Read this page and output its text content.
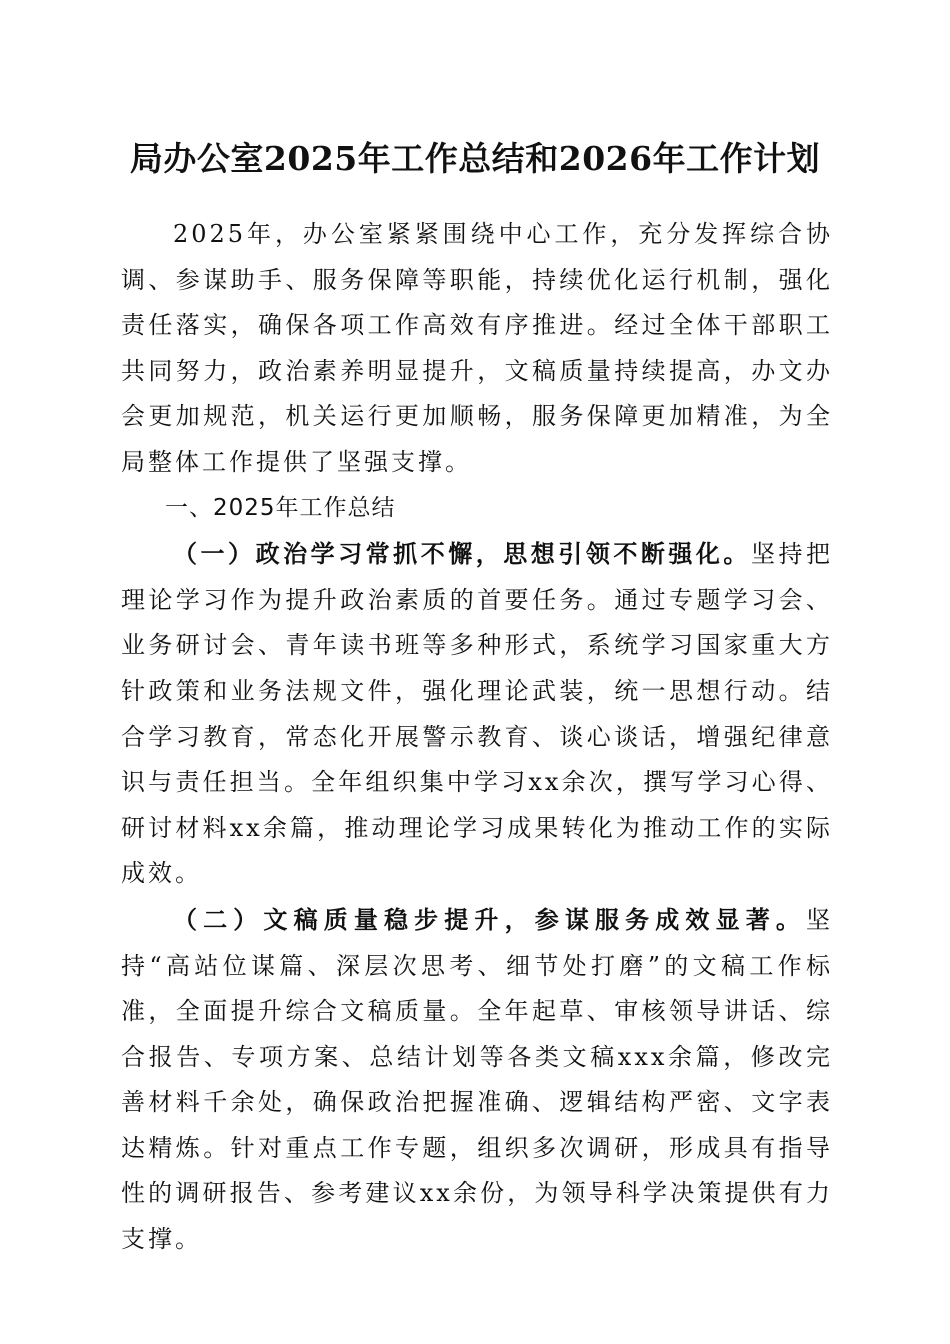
局办公室2025年工作总结和2026年工作计划

2025年，办公室紧紧围绕中心工作，充分发挥综合协调、参谋助手、服务保障等职能，持续优化运行机制，强化责任落实，确保各项工作高效有序推进。经过全体干部职工共同努力，政治素养明显提升，文稿质量持续提高，办文办会更加规范，机关运行更加顺畅，服务保障更加精准，为全局整体工作提供了坚强支撑。

一、2025年工作总结

（一）政治学习常抓不懈，思想引领不断强化。坚持把理论学习作为提升政治素质的首要任务。通过专题学习会、业务研讨会、青年读书班等多种形式，系统学习国家重大方针政策和业务法规文件，强化理论武装，统一思想行动。结合学习教育，常态化开展警示教育、谈心谈话，增强纪律意识与责任担当。全年组织集中学习xx余次，撰写学习心得、研讨材料xx余篇，推动理论学习成果转化为推动工作的实际成效。

（二）文稿质量稳步提升，参谋服务成效显著。坚持“高站位谋篇、深层次思考、细节处打磨”的文稿工作标准，全面提升综合文稿质量。全年起草、审核领导讲话、综合报告、专项方案、总结计划等各类文稿xxx余篇，修改完善材料千余处，确保政治把握准确、逻辑结构严密、文字表达精炼。针对重点工作专题，组织多次调研，形成具有指导性的调研报告、参考建议xx余份，为领导科学决策提供有力支撑。
